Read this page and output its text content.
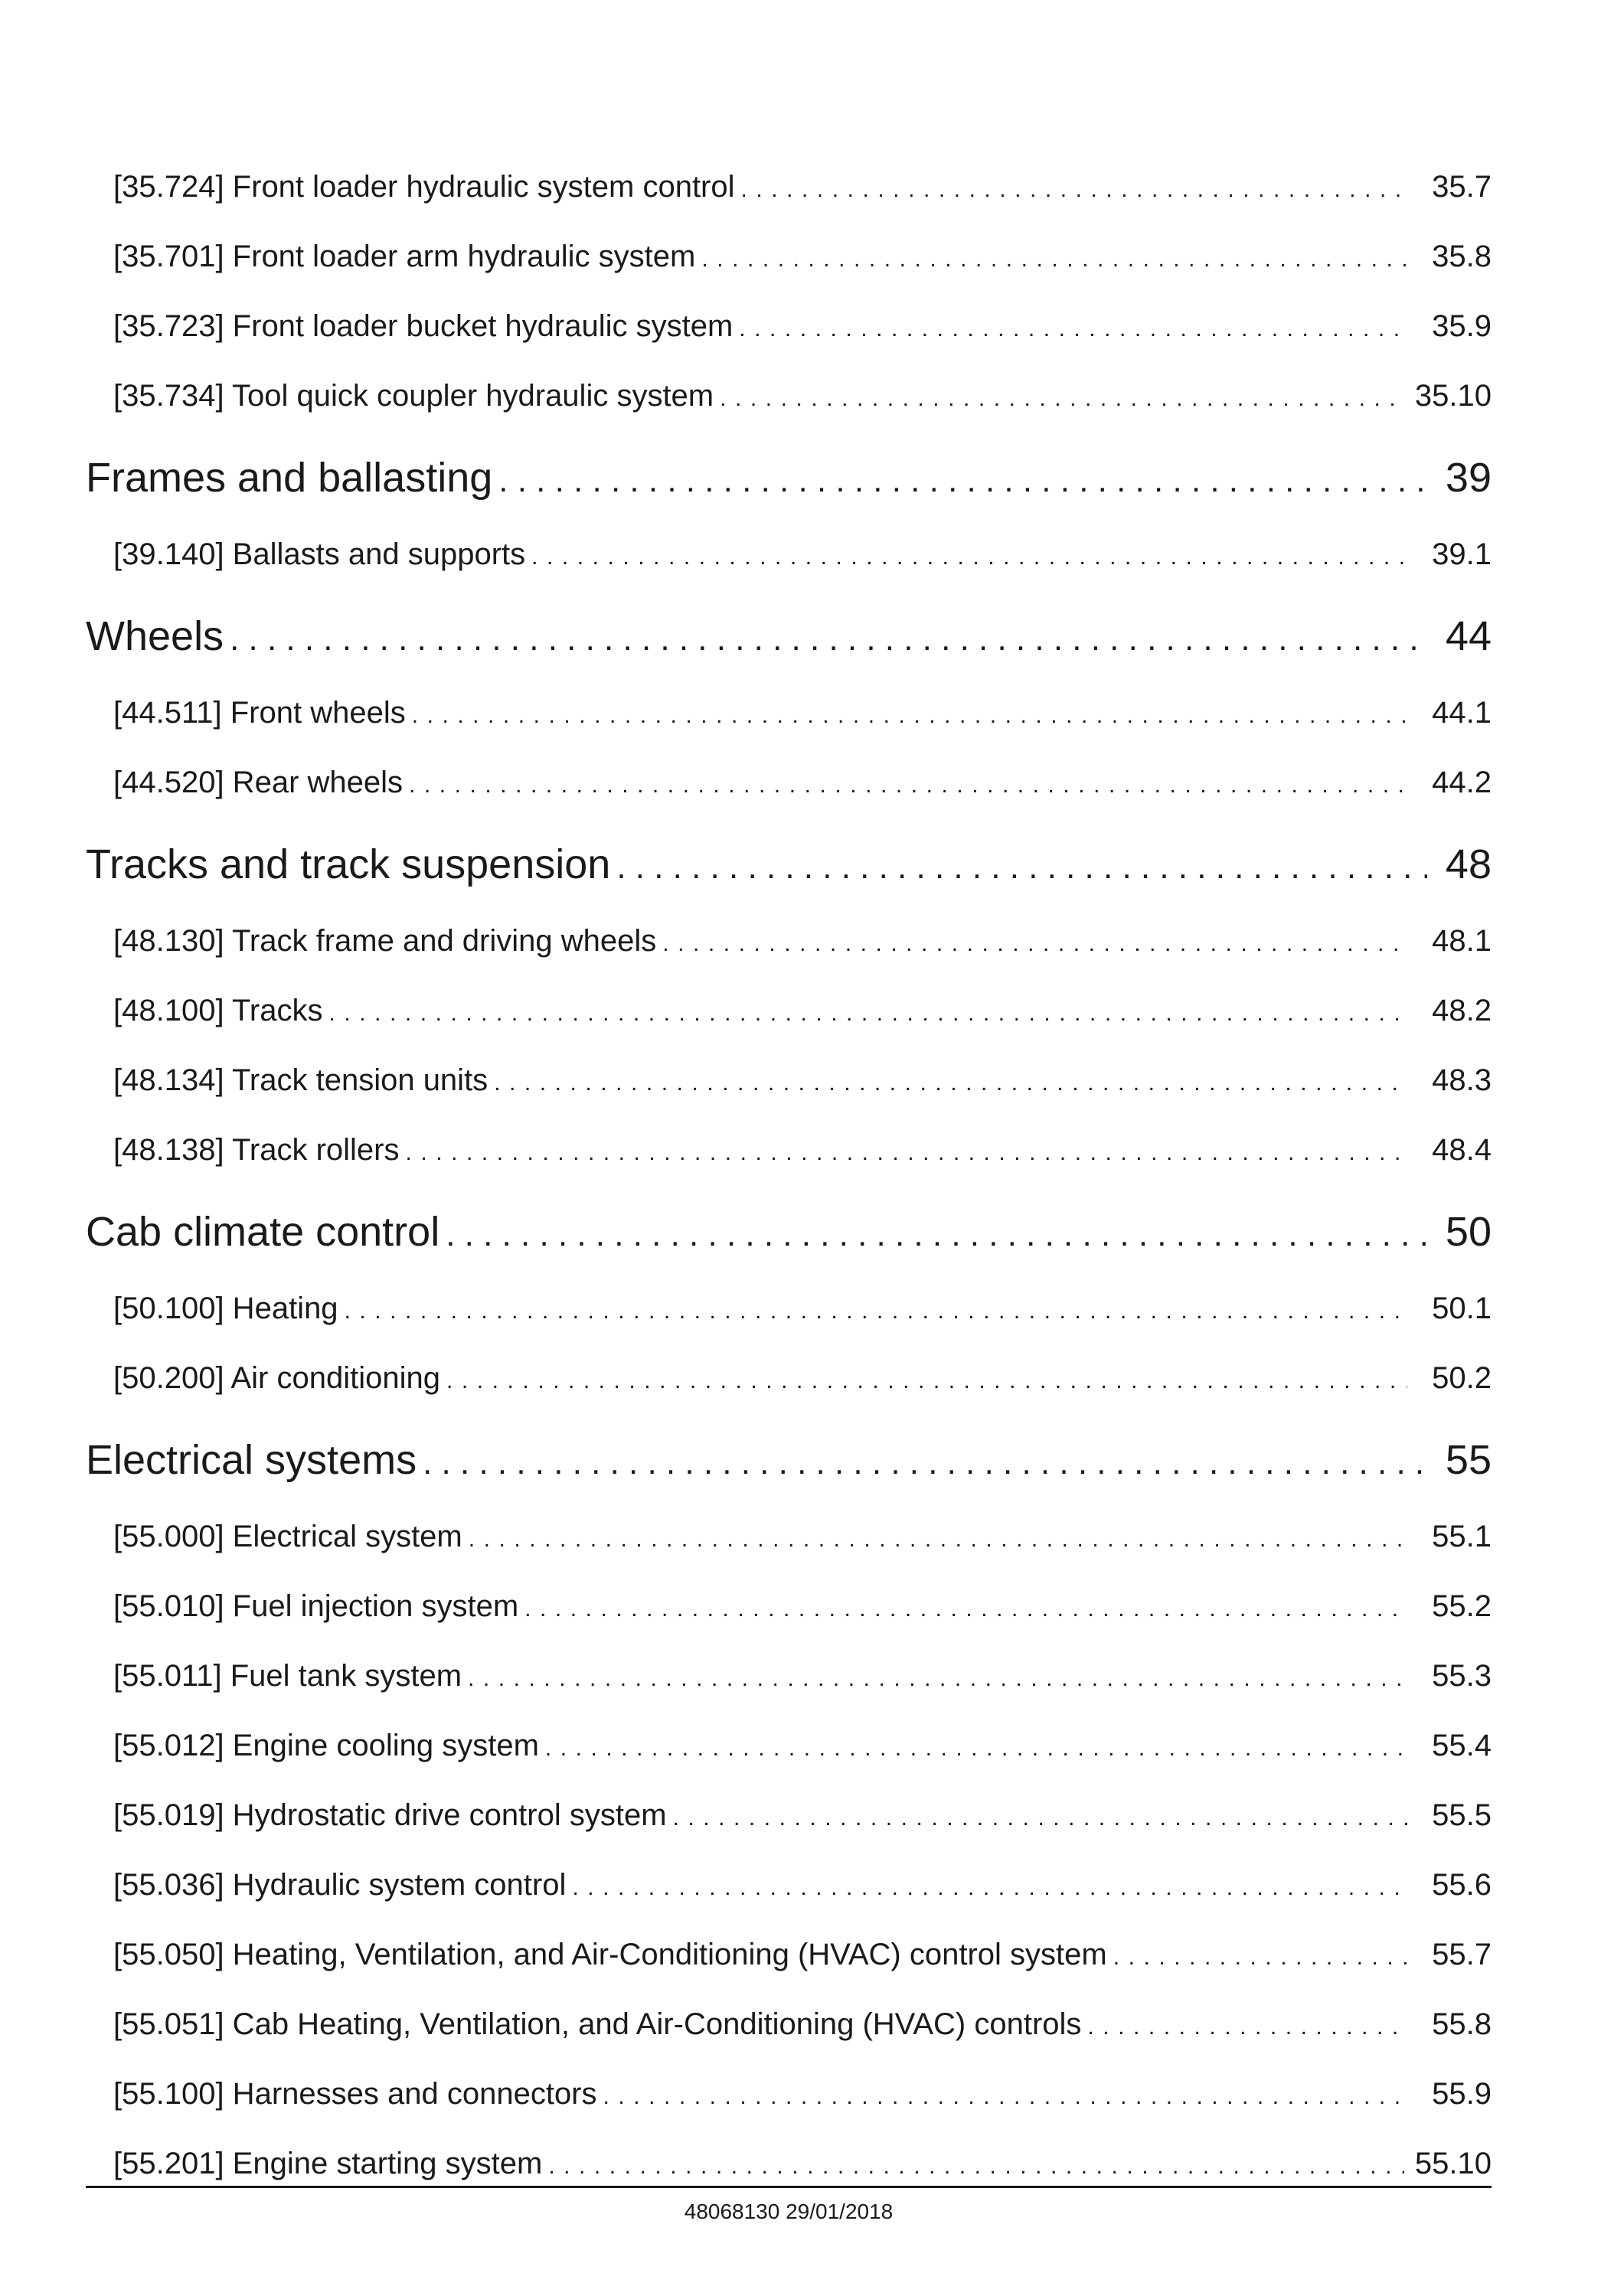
[35.724] Front loader hydraulic system control . . .	35.7
[35.701] Front loader arm hydraulic system . . .	35.8
[35.723] Front loader bucket hydraulic system . . .	35.9
[35.734] Tool quick coupler hydraulic system . . .	35.10
Frames and ballasting . . .	39
[39.140] Ballasts and supports . . .	39.1
Wheels . . .	44
[44.511] Front wheels . . .	44.1
[44.520] Rear wheels . . .	44.2
Tracks and track suspension . . .	48
[48.130] Track frame and driving wheels . . .	48.1
[48.100] Tracks . . .	48.2
[48.134] Track tension units . . .	48.3
[48.138] Track rollers . . .	48.4
Cab climate control . . .	50
[50.100] Heating . . .	50.1
[50.200] Air conditioning . . .	50.2
Electrical systems . . .	55
[55.000] Electrical system . . .	55.1
[55.010] Fuel injection system . . .	55.2
[55.011] Fuel tank system . . .	55.3
[55.012] Engine cooling system . . .	55.4
[55.019] Hydrostatic drive control system . . .	55.5
[55.036] Hydraulic system control . . .	55.6
[55.050] Heating, Ventilation, and Air-Conditioning (HVAC) control system . . .	55.7
[55.051] Cab Heating, Ventilation, and Air-Conditioning (HVAC) controls . . .	55.8
[55.100] Harnesses and connectors . . .	55.9
[55.201] Engine starting system . . .	55.10
48068130 29/01/2018
